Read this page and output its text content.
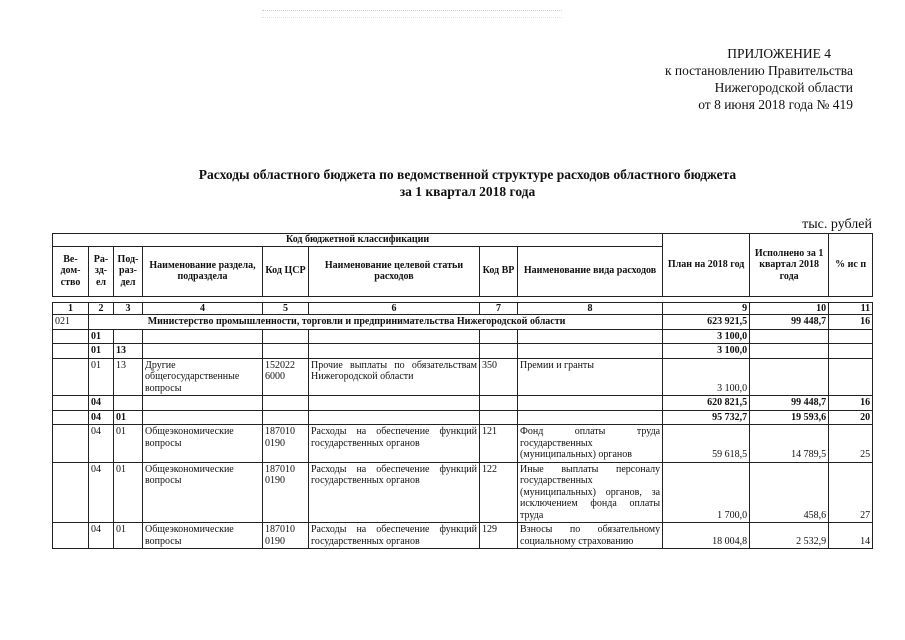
ПРИЛОЖЕНИЕ 4
к постановлению Правительства
Нижегородской области
от 8 июня 2018 года № 419
Расходы областного бюджета по ведомственной структуре расходов областного бюджета
за 1 квартал 2018 года
тыс. рублей
Код бюджетной классификации								План на 2018 год	Исполнено за 1 квартал 2018 года	% ис п
Ве-дом-ство	Ра-зд-ел	Под-раз-дел	Наименование раздела, подраздела	Код ЦСР	Наименование целевой статьи расходов	Код ВР	Наименование вида расходов			

1	2	3	4	5	6	7	8	9	10	11
021	Министерство промышленности, торговли и предпринимательства Нижегородской области							623 921,5	99 448,7	16
	01							3 100,0		
	01	13						3 100,0		
	01	13	Другие общегосударственные вопросы	152022 6000	Прочие выплаты по обязательствам Нижегородской области	350	Премии и гранты	3 100,0		
	04							620 821,5	99 448,7	16
	04	01						95 732,7	19 593,6	20
	04	01	Общеэкономические вопросы	187010 0190	Расходы на обеспечение функций государственных органов	121	Фонд оплаты труда государственных (муниципальных) органов	59 618,5	14 789,5	25
	04	01	Общеэкономические вопросы	187010 0190	Расходы на обеспечение функций государственных органов	122	Иные выплаты персоналу государственных (муниципальных) органов, за исключением фонда оплаты труда	1 700,0	458,6	27
	04	01	Общеэкономические вопросы	187010 0190	Расходы на обеспечение функций государственных органов	129	Взносы по обязательному социальному страхованию	18 004,8	2 532,9	14
